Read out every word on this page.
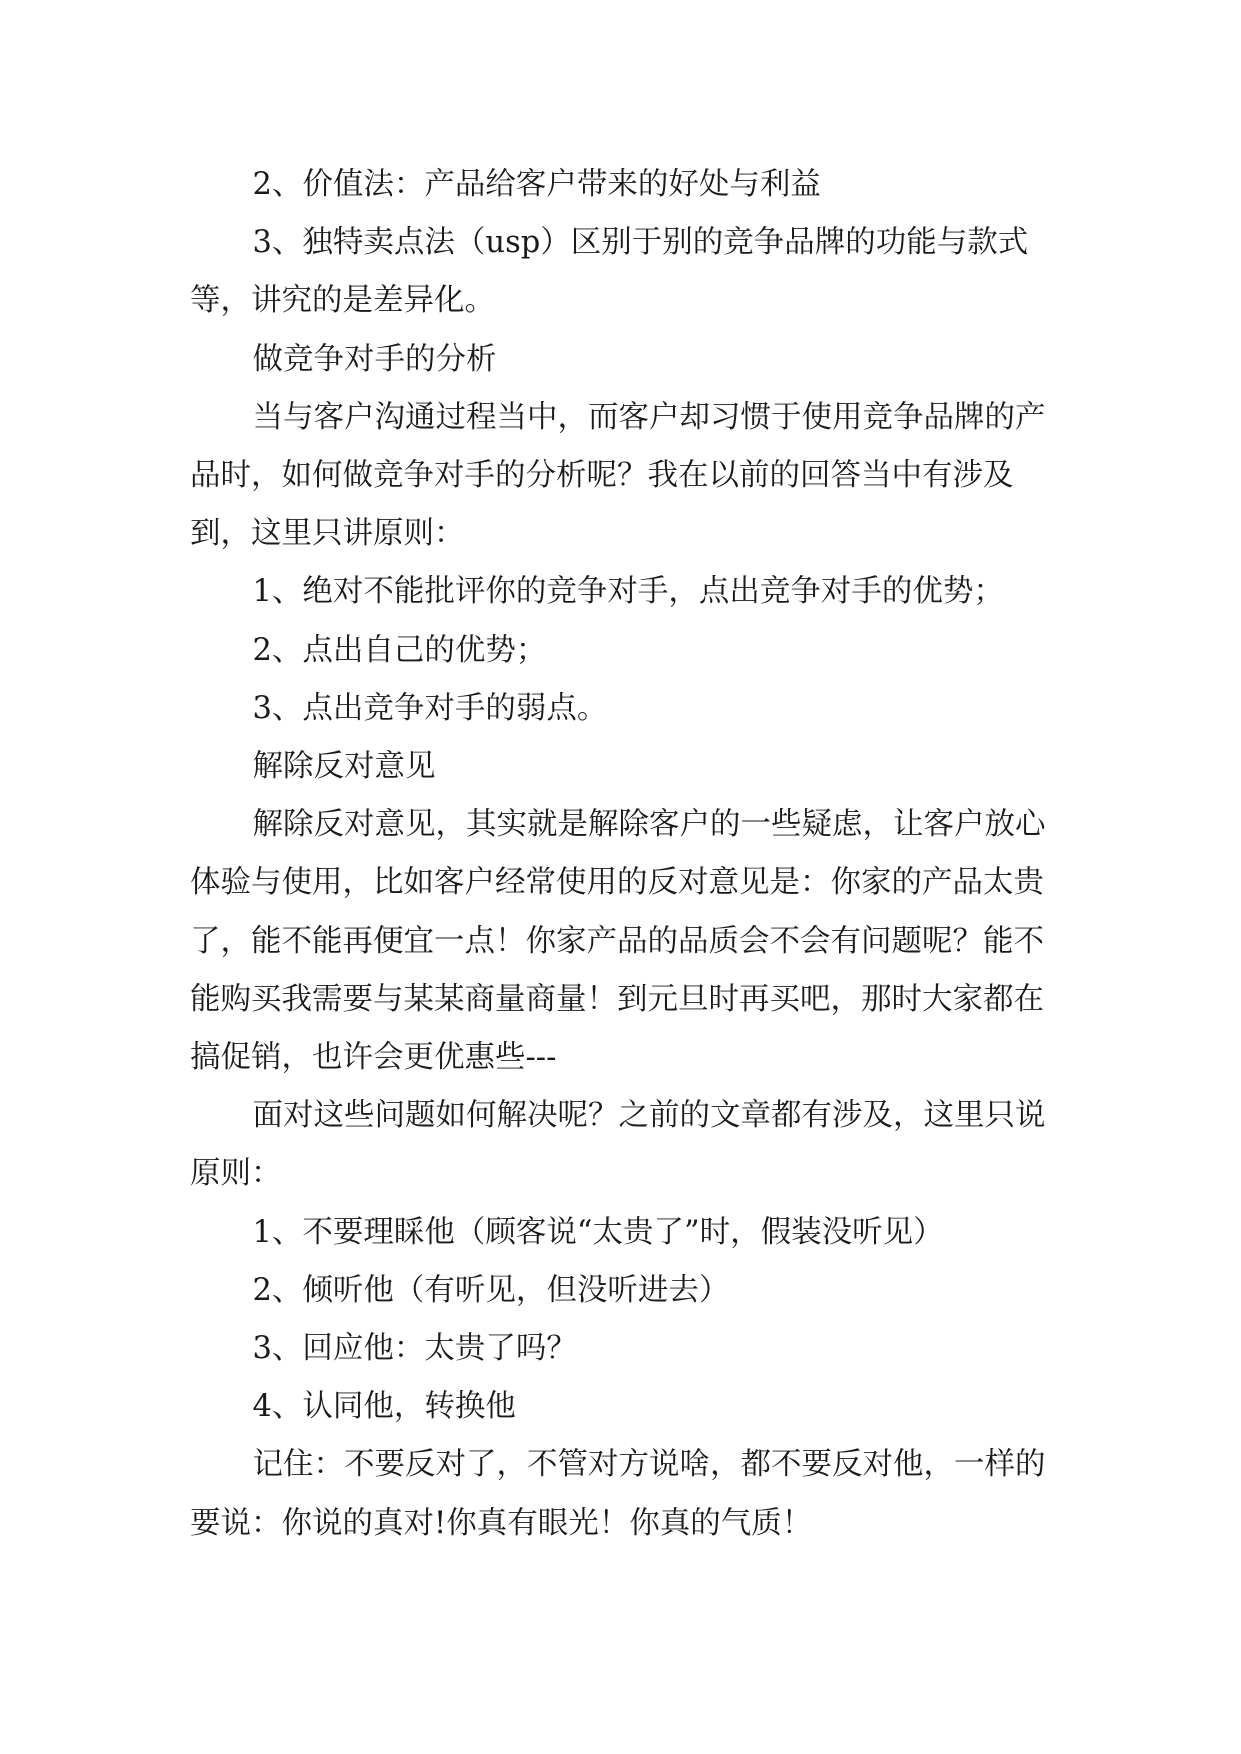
2、价值法：产品给客户带来的好处与利益

3、独特卖点法（usp）区别于别的竞争品牌的功能与款式等，讲究的是差异化。

做竞争对手的分析

当与客户沟通过程当中，而客户却习惯于使用竞争品牌的产品时，如何做竞争对手的分析呢？我在以前的回答当中有涉及到，这里只讲原则：

1、绝对不能批评你的竞争对手，点出竞争对手的优势；

2、点出自己的优势；

3、点出竞争对手的弱点。

解除反对意见

解除反对意见，其实就是解除客户的一些疑虑，让客户放心体验与使用，比如客户经常使用的反对意见是：你家的产品太贵了，能不能再便宜一点！你家产品的品质会不会有问题呢？能不能购买我需要与某某商量商量！到元旦时再买吧，那时大家都在搞促销，也许会更优惠些---

面对这些问题如何解决呢？之前的文章都有涉及，这里只说原则：

1、不要理睬他（顾客说“太贵了”时，假装没听见）

2、倾听他（有听见，但没听进去）

3、回应他：太贵了吗？

4、认同他，转换他

记住：不要反对了，不管对方说啥，都不要反对他，一样的要说：你说的真对!你真有眼光！你真的气质！
